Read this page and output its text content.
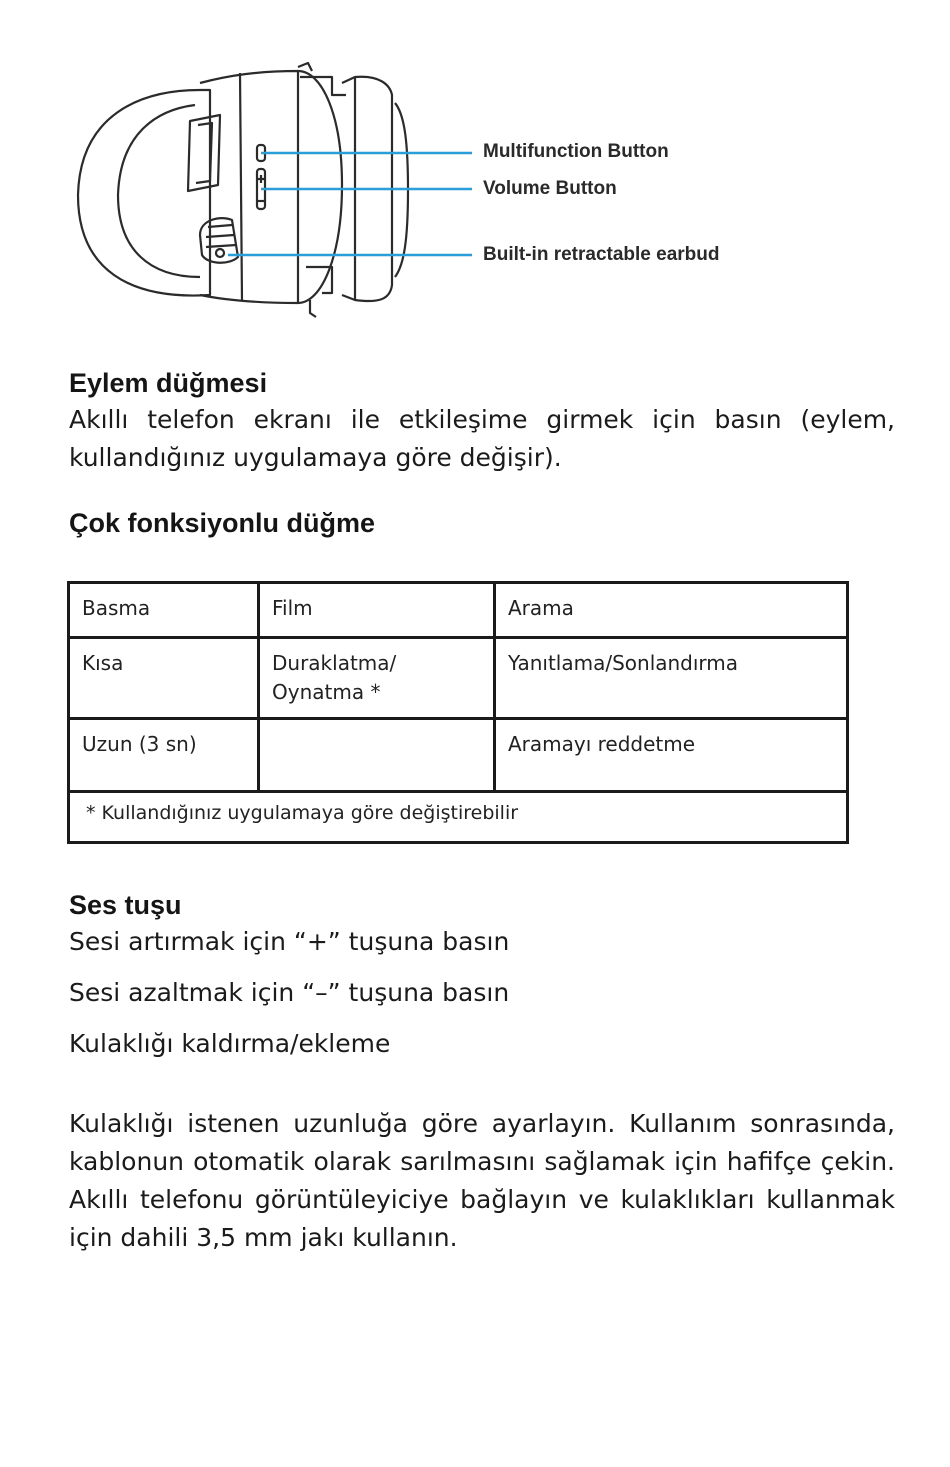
Multifunction Button
Volume Button
Built-in retractable earbud
Eylem düğmesi

Akıllı telefon ekranı ile etkileşime girmek için basın (eylem, kullandığınız uygulamaya göre değişir).

Çok fonksiyonlu düğme
Basma	Film	Arama
Kısa	Duraklatma/ Oynatma *	Yanıtlama/Sonlandırma
Uzun (3 sn)		Aramayı reddetme
* Kullandığınız uygulamaya göre değiştirebilir		
Ses tuşu

Sesi artırmak için “+” tuşuna basın

Sesi azaltmak için “–” tuşuna basın

Kulaklığı kaldırma/ekleme

Kulaklığı istenen uzunluğa göre ayarlayın. Kullanım sonrasında, kablonun otomatik olarak sarılmasını sağlamak için hafifçe çekin. Akıllı telefonu görüntüleyiciye bağlayın ve kulaklıkları kullanmak için dahili 3,5 mm jakı kullanın.
